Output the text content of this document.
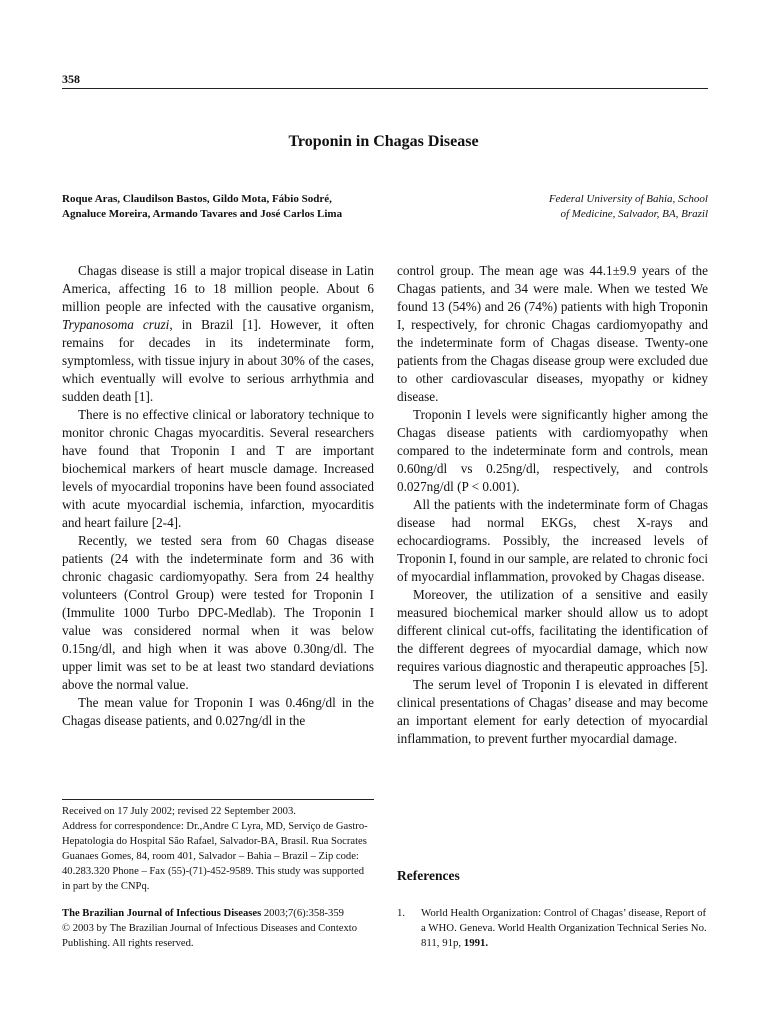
358
Troponin in Chagas Disease
Roque Aras, Claudilson Bastos, Gildo Mota, Fábio Sodré,
Agnaluce Moreira, Armando Tavares and José Carlos Lima
Federal University of Bahia, School
of Medicine, Salvador, BA, Brazil

Chagas disease is still a major tropical disease in Latin America, affecting 16 to 18 million people. About 6 million people are infected with the causative organism, Trypanosoma cruzi, in Brazil [1]. However, it often remains for decades in its indeterminate form, symptomless, with tissue injury in about 30% of the cases, which eventually will evolve to serious arrhythmia and sudden death [1].

There is no effective clinical or laboratory technique to monitor chronic Chagas myocarditis. Several researchers have found that Troponin I and T are important biochemical markers of heart muscle damage. Increased levels of myocardial troponins have been found associated with acute myocardial ischemia, infarction, myocarditis and heart failure [2-4].

Recently, we tested sera from 60 Chagas disease patients (24 with the indeterminate form and 36 with chronic chagasic cardiomyopathy. Sera from 24 healthy volunteers (Control Group) were tested for Troponin I (Immulite 1000 Turbo DPC-Medlab). The Troponin I value was considered normal when it was below 0.15ng/dl, and high when it was above 0.30ng/dl. The upper limit was set to be at least two standard deviations above the normal value.

The mean value for Troponin I was 0.46ng/dl in the Chagas disease patients, and 0.027ng/dl in the

control group. The mean age was 44.1±9.9 years of the Chagas patients, and 34 were male. When we tested We found 13 (54%) and 26 (74%) patients with high Troponin I, respectively, for chronic Chagas cardiomyopathy and the indeterminate form of Chagas disease. Twenty-one patients from the Chagas disease group were excluded due to other cardiovascular diseases, myopathy or kidney disease.

Troponin I levels were significantly higher among the Chagas disease patients with cardiomyopathy when compared to the indeterminate form and controls, mean 0.60ng/dl vs 0.25ng/dl, respectively, and controls 0.027ng/dl (P < 0.001).

All the patients with the indeterminate form of Chagas disease had normal EKGs, chest X-rays and echocardiograms. Possibly, the increased levels of Troponin I, found in our sample, are related to chronic foci of myocardial inflammation, provoked by Chagas disease.

Moreover, the utilization of a sensitive and easily measured biochemical marker should allow us to adopt different clinical cut-offs, facilitating the identification of the different degrees of myocardial damage, which now requires various diagnostic and therapeutic approaches [5].

The serum level of Troponin I is elevated in different clinical presentations of Chagas’ disease and may become an important element for early detection of myocardial inflammation, to prevent further myocardial damage.

Received on 17 July 2002; revised 22 September 2003.

Address for correspondence: Dr.,Andre C Lyra, MD, Serviço de Gastro-Hepatologia do Hospital São Rafael, Salvador-BA, Brasil. Rua Socrates Guanaes Gomes, 84, room 401, Salvador – Bahia – Brazil – Zip code: 40.283.320 Phone – Fax (55)-(71)-452-9589. This study was supported in part by the CNPq.

The Brazilian Journal of Infectious Diseases 2003;7(6):358-359

© 2003 by The Brazilian Journal of Infectious Diseases and Contexto Publishing. All rights reserved.

References
1.	World Health Organization: Control of Chagas’ disease, Report of a WHO. Geneva. World Health Organization Technical Series No. 811, 91p, 1991.
